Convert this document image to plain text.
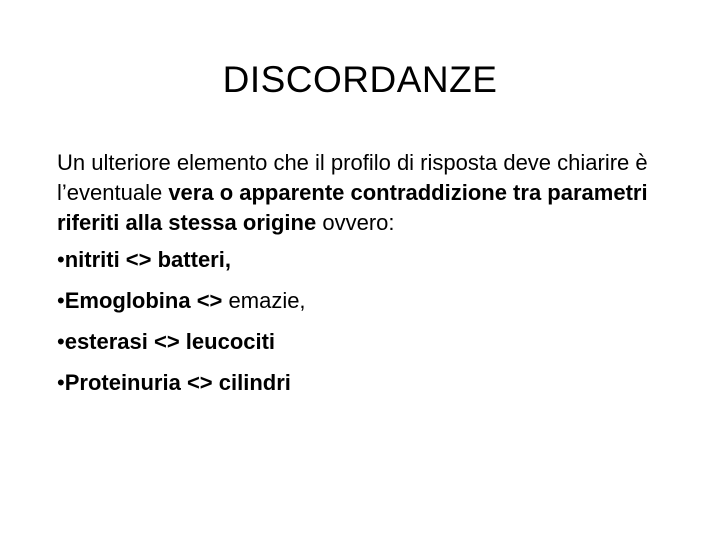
DISCORDANZE

Un ulteriore elemento che il profilo di risposta deve chiarire è l’eventuale vera o apparente contraddizione tra parametri riferiti alla stessa origine ovvero:

•nitriti <> batteri,
•Emoglobina <> emazie,
•esterasi <> leucociti
•Proteinuria <> cilindri
